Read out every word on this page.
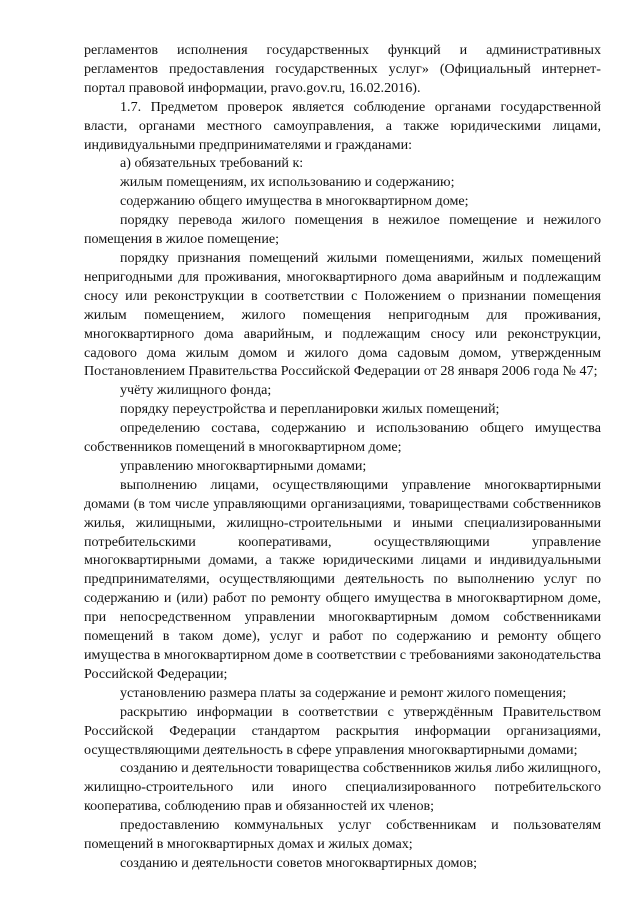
регламентов исполнения государственных функций и административных регламентов предоставления государственных услуг» (Официальный интернет-портал правовой информации, pravo.gov.ru, 16.02.2016).

1.7. Предметом проверок является соблюдение органами государственной власти, органами местного самоуправления, а также юридическими лицами, индивидуальными предпринимателями и гражданами:

а) обязательных требований к:

жилым помещениям, их использованию и содержанию;

содержанию общего имущества в многоквартирном доме;

порядку перевода жилого помещения в нежилое помещение и нежилого помещения в жилое помещение;

порядку признания помещений жилыми помещениями, жилых помещений непригодными для проживания, многоквартирного дома аварийным и подлежащим сносу или реконструкции в соответствии с Положением о признании помещения жилым помещением, жилого помещения непригодным для проживания, многоквартирного дома аварийным, и подлежащим сносу или реконструкции, садового дома жилым домом и жилого дома садовым домом, утвержденным Постановлением Правительства Российской Федерации от 28 января 2006 года № 47;

учёту жилищного фонда;

порядку переустройства и перепланировки жилых помещений;

определению состава, содержанию и использованию общего имущества собственников помещений в многоквартирном доме;

управлению многоквартирными домами;

выполнению лицами, осуществляющими управление многоквартирными домами (в том числе управляющими организациями, товариществами собственников жилья, жилищными, жилищно-строительными и иными специализированными потребительскими кооперативами, осуществляющими управление многоквартирными домами, а также юридическими лицами и индивидуальными предпринимателями, осуществляющими деятельность по выполнению услуг по содержанию и (или) работ по ремонту общего имущества в многоквартирном доме, при непосредственном управлении многоквартирным домом собственниками помещений в таком доме), услуг и работ по содержанию и ремонту общего имущества в многоквартирном доме в соответствии с требованиями законодательства Российской Федерации;

установлению размера платы за содержание и ремонт жилого помещения;

раскрытию информации в соответствии с утверждённым Правительством Российской Федерации стандартом раскрытия информации организациями, осуществляющими деятельность в сфере управления многоквартирными домами;

созданию и деятельности товарищества собственников жилья либо жилищного, жилищно-строительного или иного специализированного потребительского кооператива, соблюдению прав и обязанностей их членов;

предоставлению коммунальных услуг собственникам и пользователям помещений в многоквартирных домах и жилых домах;

созданию и деятельности советов многоквартирных домов;
